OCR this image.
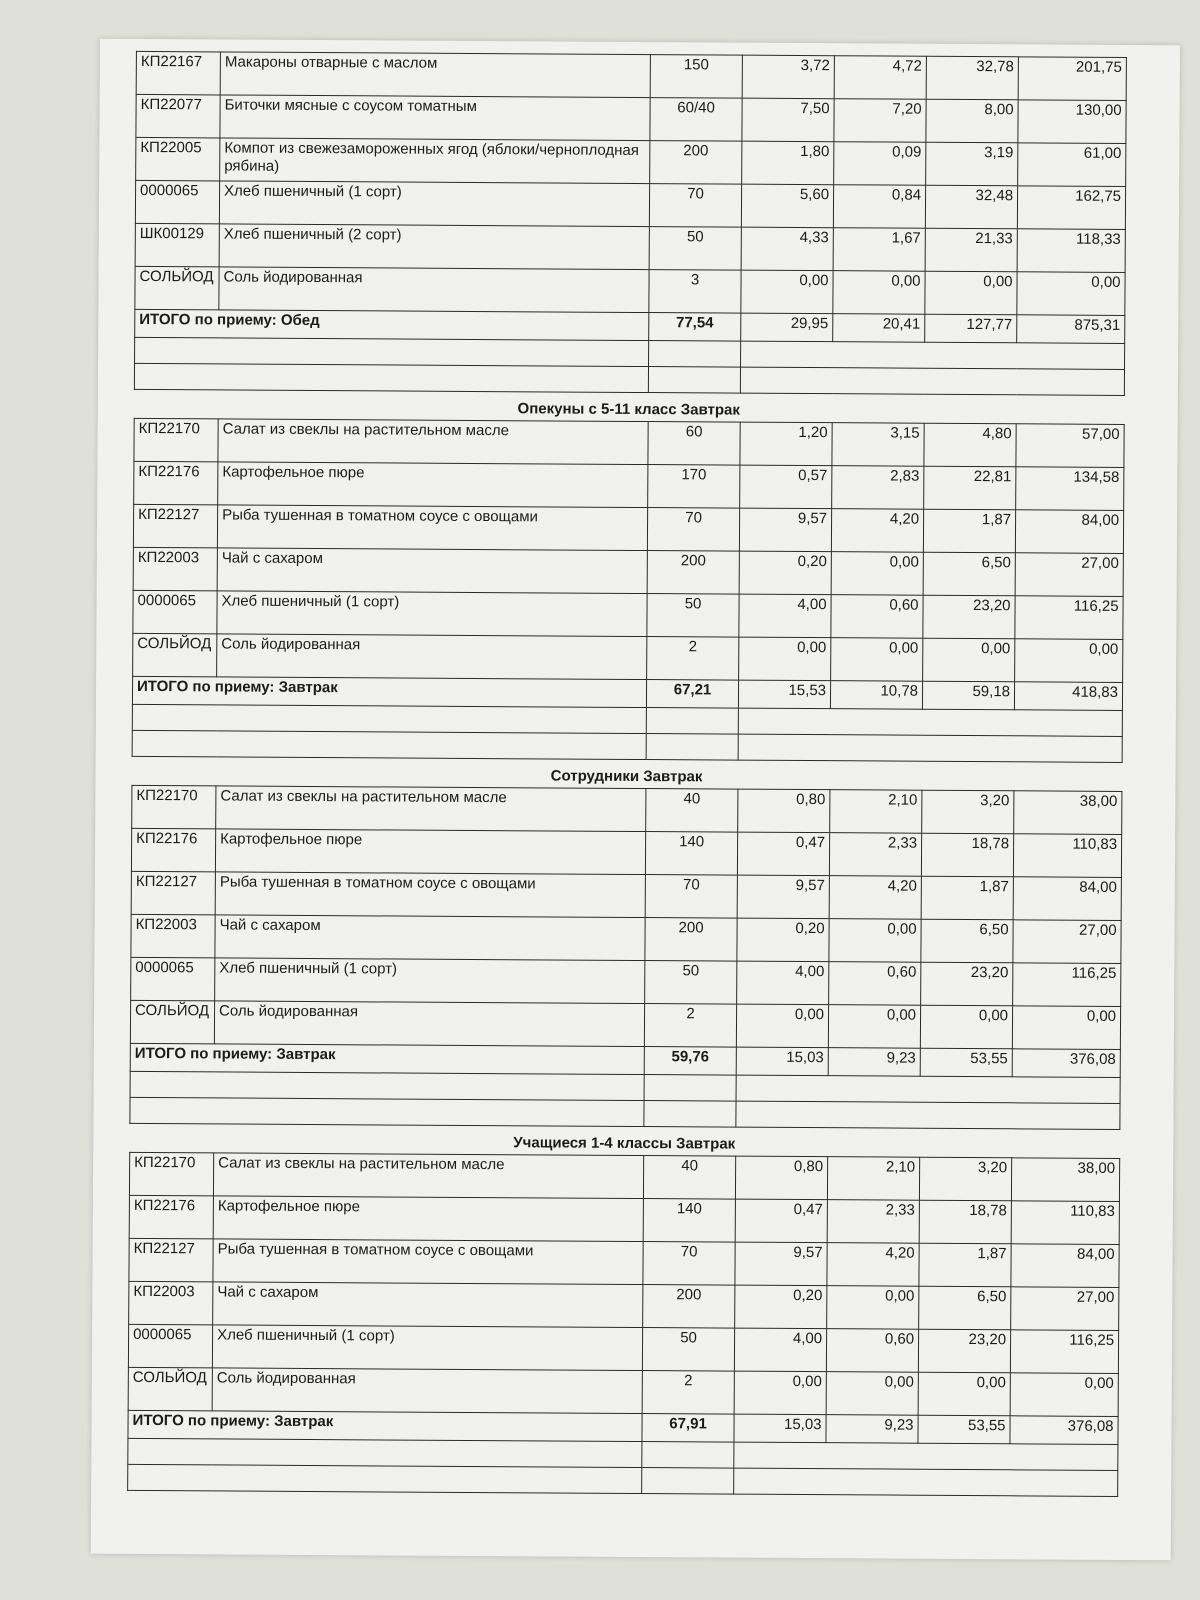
КП22167	Макароны отварные с маслом	150	3,72	4,72	32,78	201,75
КП22077	Биточки мясные с соусом томатным	60/40	7,50	7,20	8,00	130,00
КП22005	Компот из свежезамороженных ягод (яблоки/черноплодная рябина)	200	1,80	0,09	3,19	61,00
0000065	Хлеб пшеничный (1 сорт)	70	5,60	0,84	32,48	162,75
ШК00129	Хлеб пшеничный (2 сорт)	50	4,33	1,67	21,33	118,33
СОЛЬЙОД	Соль йодированная	3	0,00	0,00	0,00	0,00
ИТОГО по приему: Обед		77,54	29,95	20,41	127,77	875,31

Опекуны с 5-11 класс Завтрак
КП22170	Салат из свеклы на растительном масле	60	1,20	3,15	4,80	57,00
КП22176	Картофельное пюре	170	0,57	2,83	22,81	134,58
КП22127	Рыба тушенная в томатном соусе с овощами	70	9,57	4,20	1,87	84,00
КП22003	Чай с сахаром	200	0,20	0,00	6,50	27,00
0000065	Хлеб пшеничный (1 сорт)	50	4,00	0,60	23,20	116,25
СОЛЬЙОД	Соль йодированная	2	0,00	0,00	0,00	0,00
ИТОГО по приему: Завтрак		67,21	15,53	10,78	59,18	418,83

Сотрудники Завтрак
КП22170	Салат из свеклы на растительном масле	40	0,80	2,10	3,20	38,00
КП22176	Картофельное пюре	140	0,47	2,33	18,78	110,83
КП22127	Рыба тушенная в томатном соусе с овощами	70	9,57	4,20	1,87	84,00
КП22003	Чай с сахаром	200	0,20	0,00	6,50	27,00
0000065	Хлеб пшеничный (1 сорт)	50	4,00	0,60	23,20	116,25
СОЛЬЙОД	Соль йодированная	2	0,00	0,00	0,00	0,00
ИТОГО по приему: Завтрак		59,76	15,03	9,23	53,55	376,08

Учащиеся 1-4 классы Завтрак
КП22170	Салат из свеклы на растительном масле	40	0,80	2,10	3,20	38,00
КП22176	Картофельное пюре	140	0,47	2,33	18,78	110,83
КП22127	Рыба тушенная в томатном соусе с овощами	70	9,57	4,20	1,87	84,00
КП22003	Чай с сахаром	200	0,20	0,00	6,50	27,00
0000065	Хлеб пшеничный (1 сорт)	50	4,00	0,60	23,20	116,25
СОЛЬЙОД	Соль йодированная	2	0,00	0,00	0,00	0,00
ИТОГО по приему: Завтрак		67,91	15,03	9,23	53,55	376,08
